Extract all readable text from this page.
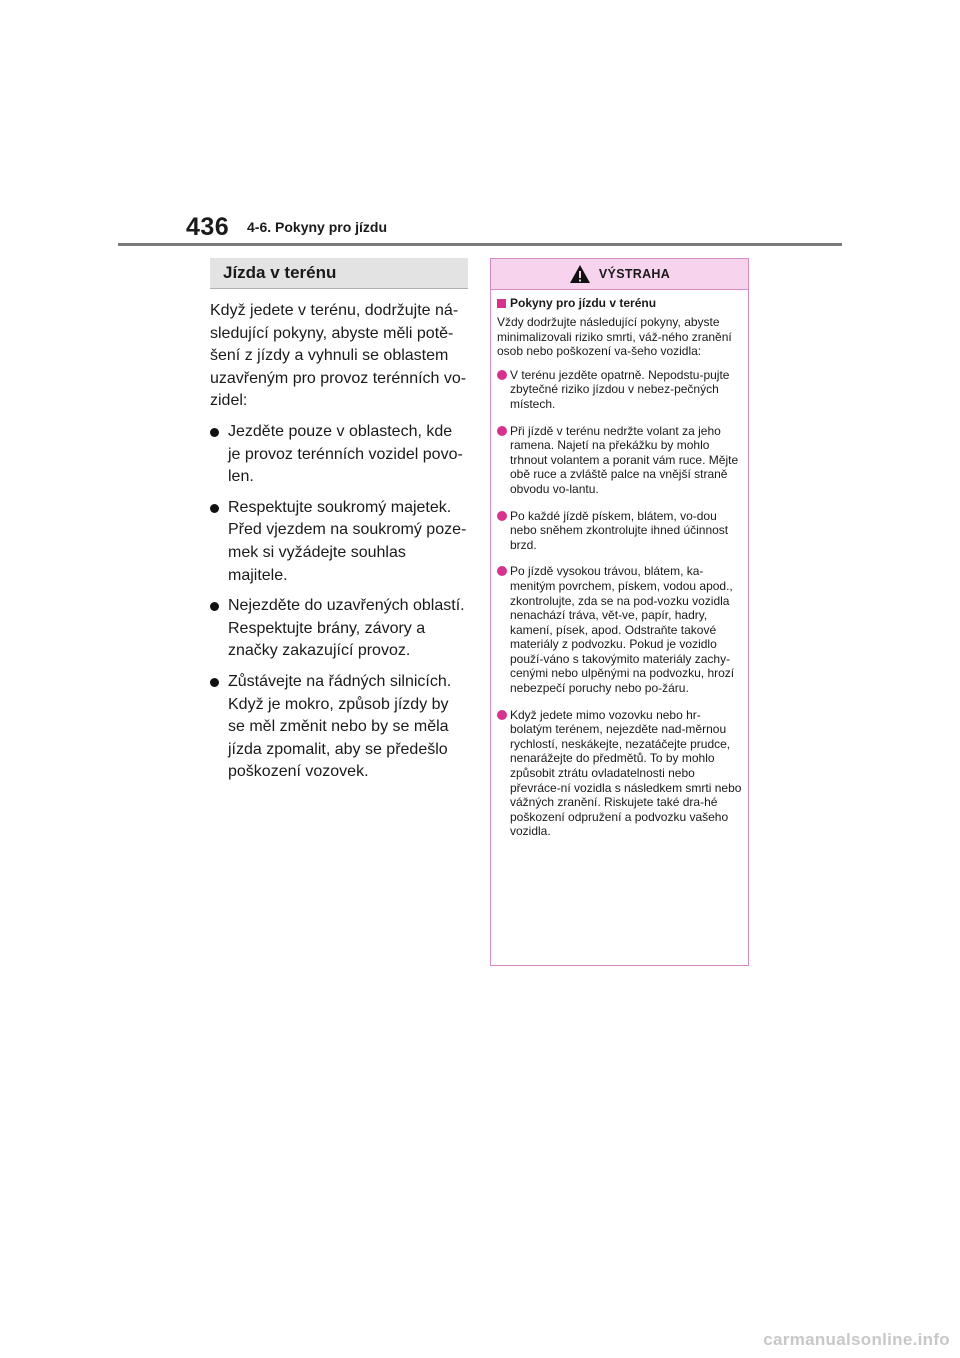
436 4-6. Pokyny pro jízdu
Jízda v terénu

Když jedete v terénu, dodržujte ná-sledující pokyny, abyste měli potě-šení z jízdy a vyhnuli se oblastem uzavřeným pro provoz terénních vo-zidel:

Jezděte pouze v oblastech, kde je provoz terénních vozidel povo-len.
Respektujte soukromý majetek. Před vjezdem na soukromý poze-mek si vyžádejte souhlas majitele.
Nejezděte do uzavřených oblastí. Respektujte brány, závory a značky zakazující provoz.
Zůstávejte na řádných silnicích. Když je mokro, způsob jízdy by se měl změnit nebo by se měla jízda zpomalit, aby se předešlo poškození vozovek.
VÝSTRAHA
Pokyny pro jízdu v terénu

Vždy dodržujte následující pokyny, abyste minimalizovali riziko smrti, váž-ného zranění osob nebo poškození va-šeho vozidla:

V terénu jezděte opatrně. Nepodstu-pujte zbytečné riziko jízdou v nebez-pečných místech.
Při jízdě v terénu nedržte volant za jeho ramena. Najetí na překážku by mohlo trhnout volantem a poranit vám ruce. Mějte obě ruce a zvláště palce na vnější straně obvodu vo-lantu.
Po každé jízdě pískem, blátem, vo-dou nebo sněhem zkontrolujte ihned účinnost brzd.
Po jízdě vysokou trávou, blátem, ka-menitým povrchem, pískem, vodou apod., zkontrolujte, zda se na pod-vozku vozidla nenachází tráva, vět-ve, papír, hadry, kamení, písek, apod. Odstraňte takové materiály z podvozku. Pokud je vozidlo použí-váno s takovýmito materiály zachy-cenými nebo ulpěnými na podvozku, hrozí nebezpečí poruchy nebo po-žáru.
Když jedete mimo vozovku nebo hr-bolatým terénem, nejezděte nad-měrnou rychlostí, neskákejte, nezatáčejte prudce, nenarážejte do předmětů. To by mohlo způsobit ztrátu ovladatelnosti nebo převráce-ní vozidla s následkem smrti nebo vážných zranění. Riskujete také dra-hé poškození odpružení a podvozku vašeho vozidla.
carmanualsonline.info
